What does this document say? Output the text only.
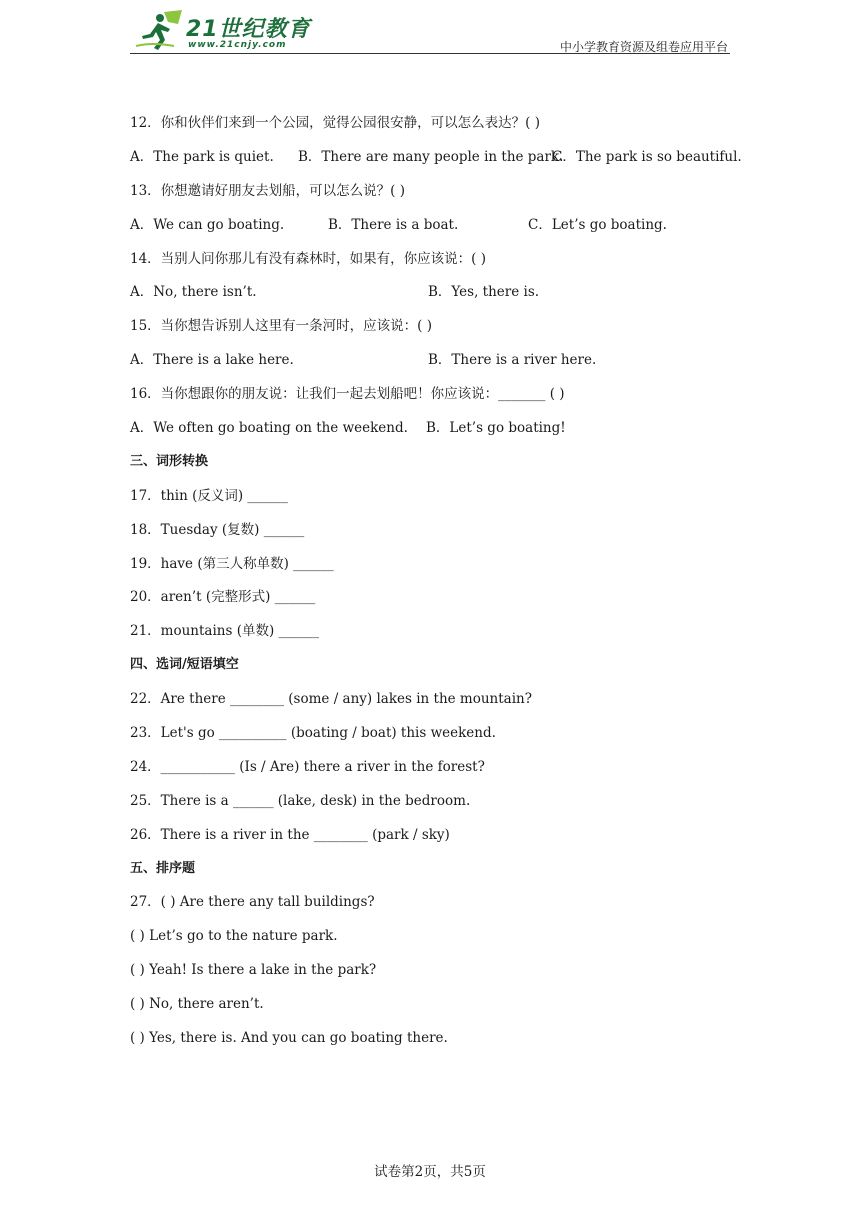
21世纪教育
www.21cnjy.com	中小学教育资源及组卷应用平台
12．你和伙伴们来到一个公园，觉得公园很安静，可以怎么表达？( )
A．The park is quiet. B．There are many people in the park.
C．The park is so beautiful.
13．你想邀请好朋友去划船，可以怎么说？( )
A．We can go boating.	B．There is a boat.	C．Let’s go boating.
14．当别人问你那儿有没有森林时，如果有，你应该说：( )
A．No, there isn’t.	B．Yes, there is.
15．当你想告诉别人这里有一条河时，应该说：( )
A．There is a lake here.	B．There is a river here.
16．当你想跟你的朋友说：让我们一起去划船吧！你应该说：_______ ( )
A．We often go boating on the weekend. B．Let’s go boating!
三、词形转换
17．thin (反义词) ______
18．Tuesday (复数) ______
19．have (第三人称单数) ______
20．aren’t (完整形式) ______
21．mountains (单数) ______
四、选词/短语填空
22．Are there ________ (some / any) lakes in the mountain?
23．Let's go __________ (boating / boat) this weekend.
24．___________ (Is / Are) there a river in the forest?
25．There is a ______ (lake, desk) in the bedroom.
26．There is a river in the ________ (park / sky)
五、排序题
27．( ) Are there any tall buildings?
( ) Let’s go to the nature park.
( ) Yeah! Is there a lake in the park?
( ) No, there aren’t.
( ) Yes, there is. And you can go boating there.
试卷第2页，共5页
